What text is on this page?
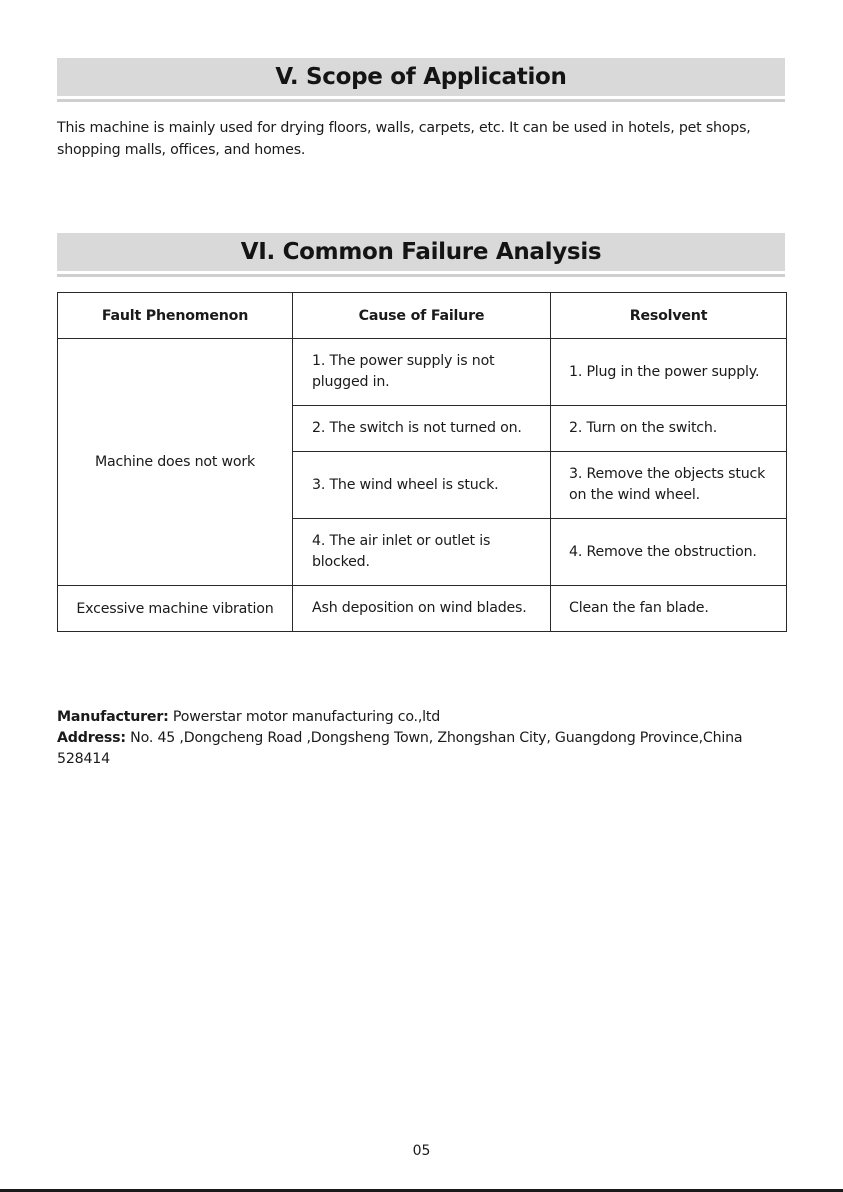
V. Scope of Application

This machine is mainly used for drying floors, walls, carpets, etc. It can be used in hotels, pet shops, shopping malls, offices, and homes.

VI. Common Failure Analysis
Fault Phenomenon	Cause of Failure	Resolvent
Machine does not work	1. The power supply is not plugged in.	1. Plug in the power supply.
	2. The switch is not turned on.	2. Turn on the switch.
	3. The wind wheel is stuck.	3. Remove the objects stuck on the wind wheel.
	4. The air inlet or outlet is blocked.	4. Remove the obstruction.
Excessive machine vibration	Ash deposition on wind blades.	Clean the fan blade.
Manufacturer: Powerstar motor manufacturing co.,ltd
Address: No. 45 ,Dongcheng Road ,Dongsheng Town, Zhongshan City, Guangdong Province,China 528414
05
